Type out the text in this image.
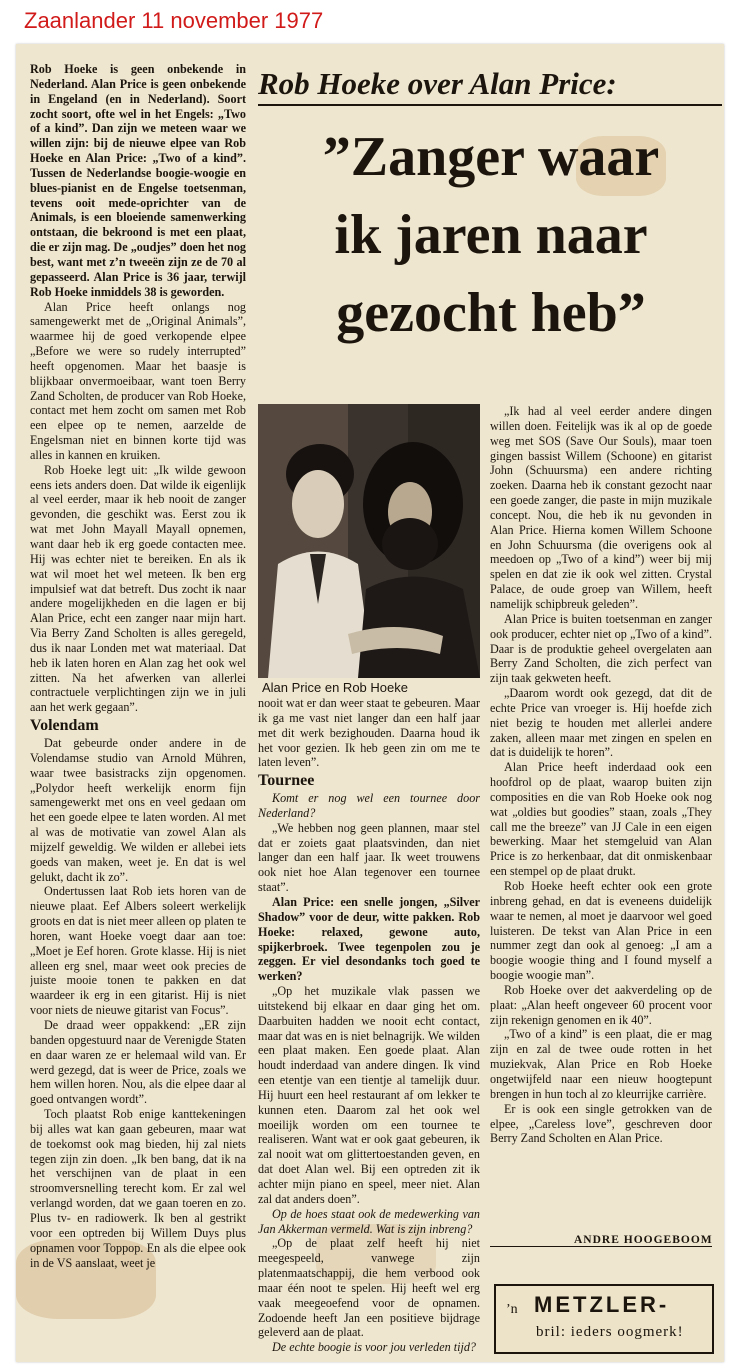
Zaanlander 11 november 1977

Rob Hoeke is geen onbekende in Nederland. Alan Price is geen onbekende in Engeland (en in Nederland). Soort zocht soort, ofte wel in het Engels: „Two of a kind”. Dan zijn we meteen waar we willen zijn: bij de nieuwe elpee van Rob Hoeke en Alan Price: „Two of a kind”. Tussen de Nederlandse boogie-woogie en blues-pianist en de Engelse toetsenman, tevens ooit mede-oprichter van de Animals, is een bloeiende samenwerking ontstaan, die bekroond is met een plaat, die er zijn mag. De „oudjes” doen het nog best, want met z’n tweeën zijn ze de 70 al gepasseerd. Alan Price is 36 jaar, terwijl Rob Hoeke inmiddels 38 is geworden.

Alan Price heeft onlangs nog samengewerkt met de „Original Animals”, waarmee hij de goed verkopende elpee „Before we were so rudely interrupted” heeft opgenomen. Maar het baasje is blijkbaar onvermoeibaar, want toen Berry Zand Scholten, de producer van Rob Hoeke, contact met hem zocht om samen met Rob een elpee op te nemen, aarzelde de Engelsman niet en binnen korte tijd was alles in kannen en kruiken.

Rob Hoeke legt uit: „Ik wilde gewoon eens iets anders doen. Dat wilde ik eigenlijk al veel eerder, maar ik heb nooit de zanger gevonden, die geschikt was. Eerst zou ik wat met John Mayall Mayall opnemen, want daar heb ik erg goede contacten mee. Hij was echter niet te bereiken. En als ik wat wil moet het wel meteen. Ik ben erg impulsief wat dat betreft. Dus zocht ik naar andere mogelijkheden en die lagen er bij Alan Price, echt een zanger naar mijn hart. Via Berry Zand Scholten is alles geregeld, dus ik naar Londen met wat materiaal. Dat heb ik laten horen en Alan zag het ook wel zitten. Na het afwerken van allerlei contractuele verplichtingen zijn we in juli aan het werk gegaan”.

Volendam

Dat gebeurde onder andere in de Volendamse studio van Arnold Mühren, waar twee basistracks zijn opgenomen. „Polydor heeft werkelijk enorm fijn samengewerkt met ons en veel gedaan om het een goede elpee te laten worden. Al met al was de motivatie van zowel Alan als mijzelf geweldig. We wilden er allebei iets goeds van maken, weet je. En dat is wel gelukt, dacht ik zo”.

Ondertussen laat Rob iets horen van de nieuwe plaat. Eef Albers soleert werkelijk groots en dat is niet meer alleen op platen te horen, want Hoeke voegt daar aan toe: „Moet je Eef horen. Grote klasse. Hij is niet alleen erg snel, maar weet ook precies de juiste mooie tonen te pakken en dat waardeer ik erg in een gitarist. Hij is niet voor niets de nieuwe gitarist van Focus”.

De draad weer oppakkend: „ER zijn banden opgestuurd naar de Verenigde Staten en daar waren ze er helemaal wild van. Er werd gezegd, dat is weer de Price, zoals we hem willen horen. Nou, als die elpee daar al goed ontvangen wordt”.

Toch plaatst Rob enige kanttekeningen bij alles wat kan gaan gebeuren, maar wat de toekomst ook mag bieden, hij zal niets tegen zijn zin doen. „Ik ben bang, dat ik na het verschijnen van de plaat in een stroomversnelling terecht kom. Er zal wel verlangd worden, dat we gaan toeren en zo. Plus tv- en radiowerk. Ik ben al gestrikt voor een optreden bij Willem Duys plus opnamen voor Toppop. En als die elpee ook in de VS aanslaat, weet je

Rob Hoeke over Alan Price:
”Zanger waar
ik jaren naar
gezocht heb”
Alan Price en Rob Hoeke

nooit wat er dan weer staat te gebeuren. Maar ik ga me vast niet langer dan een half jaar met dit werk bezighouden. Daarna houd ik het voor gezien. Ik heb geen zin om me te laten leven”.

Tournee

Komt er nog wel een tournee door Nederland?

„We hebben nog geen plannen, maar stel dat er zoiets gaat plaatsvinden, dan niet langer dan een half jaar. Ik weet trouwens ook niet hoe Alan tegenover een tournee staat”.

Alan Price: een snelle jongen, „Silver Shadow” voor de deur, witte pakken. Rob Hoeke: relaxed, gewone auto, spijkerbroek. Twee tegenpolen zou je zeggen. Er viel desondanks toch goed te werken?

„Op het muzikale vlak passen we uitstekend bij elkaar en daar ging het om. Daarbuiten hadden we nooit echt contact, maar dat was en is niet belnagrijk. We wilden een plaat maken. Een goede plaat. Alan houdt inderdaad van andere dingen. Ik vind een etentje van een tientje al tamelijk duur. Hij huurt een heel restaurant af om lekker te kunnen eten. Daarom zal het ook wel moeilijk worden om een tournee te realiseren. Want wat er ook gaat gebeuren, ik zal nooit wat om glittertoestanden geven, en dat doet Alan wel. Bij een optreden zit ik achter mijn piano en speel, meer niet. Alan zal dat anders doen”.

Op de hoes staat ook de medewerking van Jan Akkerman vermeld. Wat is zijn inbreng?

„Op de plaat zelf heeft hij niet meegespeeld, vanwege zijn platenmaatschappij, die hem verbood ook maar één noot te spelen. Hij heeft wel erg vaak meegeoefend voor de opnamen. Zodoende heeft Jan een positieve bijdrage geleverd aan de plaat.

De echte boogie is voor jou verleden tijd?

„Ik had al veel eerder andere dingen willen doen. Feitelijk was ik al op de goede weg met SOS (Save Our Souls), maar toen gingen bassist Willem (Schoone) en gitarist John (Schuursma) een andere richting zoeken. Daarna heb ik constant gezocht naar een goede zanger, die paste in mijn muzikale concept. Nou, die heb ik nu gevonden in Alan Price. Hierna komen Willem Schoone en John Schuursma (die overigens ook al meedoen op „Two of a kind”) weer bij mij spelen en dat zie ik ook wel zitten. Crystal Palace, de oude groep van Willem, heeft namelijk schipbreuk geleden”.

Alan Price is buiten toetsenman en zanger ook producer, echter niet op „Two of a kind”. Daar is de produktie geheel overgelaten aan Berry Zand Scholten, die zich perfect van zijn taak gekweten heeft.

„Daarom wordt ook gezegd, dat dit de echte Price van vroeger is. Hij hoefde zich niet bezig te houden met allerlei andere zaken, alleen maar met zingen en spelen en dat is duidelijk te horen”.

Alan Price heeft inderdaad ook een hoofdrol op de plaat, waarop buiten zijn composities en die van Rob Hoeke ook nog wat „oldies but goodies” staan, zoals „They call me the breeze” van JJ Cale in een eigen bewerking. Maar het stemgeluid van Alan Price is zo herkenbaar, dat dit onmiskenbaar een stempel op de plaat drukt.

Rob Hoeke heeft echter ook een grote inbreng gehad, en dat is eveneens duidelijk waar te nemen, al moet je daarvoor wel goed luisteren. De tekst van Alan Price in een nummer zegt dan ook al genoeg: „I am a boogie woogie thing and I found myself a boogie woogie man”.

Rob Hoeke over det aakverdeling op de plaat: „Alan heeft ongeveer 60 procent voor zijn rekenign genomen en ik 40”.

„Two of a kind” is een plaat, die er mag zijn en zal de twee oude rotten in het muziekvak, Alan Price en Rob Hoeke ongetwijfeld naar een nieuw hoogtepunt brengen in hun toch al zo kleurrijke carrière.

Er is ook een single getrokken van de elpee, „Careless love”, geschreven door Berry Zand Scholten en Alan Price.

ANDRE HOOGEBOOM
’n METZLER-
bril: ieders oogmerk!
